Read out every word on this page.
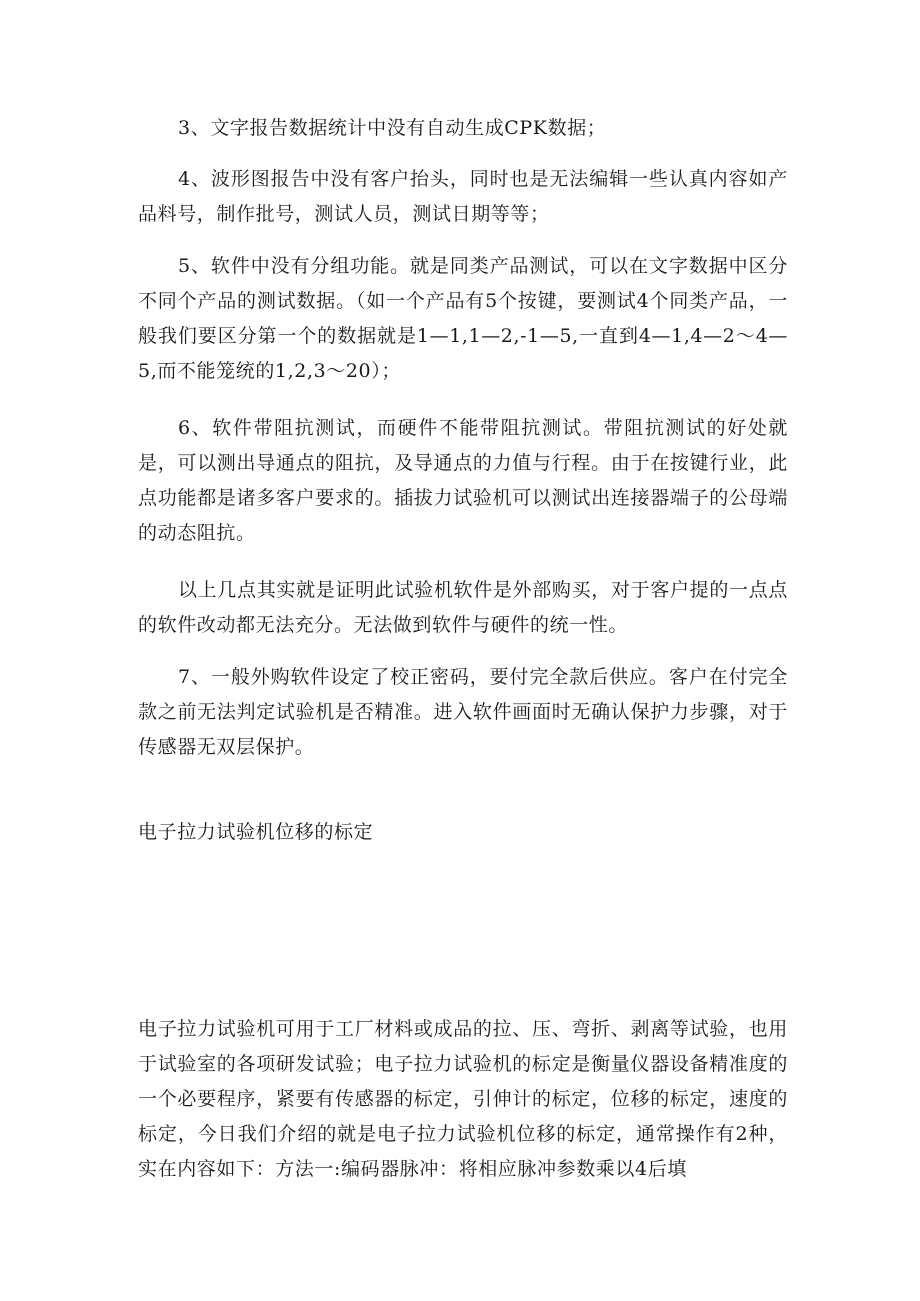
3、文字报告数据统计中没有自动生成CPK数据；

4、波形图报告中没有客户抬头，同时也是无法编辑一些认真内容如产品料号，制作批号，测试人员，测试日期等等；

5、软件中没有分组功能。就是同类产品测试，可以在文字数据中区分不同个产品的测试数据。（如一个产品有5个按键，要测试4个同类产品，一般我们要区分第一个的数据就是1—1,1—2,-1—5,一直到4—1,4—2～4—5,而不能笼统的1,2,3～20）；

6、软件带阻抗测试，而硬件不能带阻抗测试。带阻抗测试的好处就是，可以测出导通点的阻抗，及导通点的力值与行程。由于在按键行业，此点功能都是诸多客户要求的。插拔力试验机可以测试出连接器端子的公母端的动态阻抗。

以上几点其实就是证明此试验机软件是外部购买，对于客户提的一点点的软件改动都无法充分。无法做到软件与硬件的统一性。

7、一般外购软件设定了校正密码，要付完全款后供应。客户在付完全款之前无法判定试验机是否精准。进入软件画面时无确认保护力步骤，对于传感器无双层保护。

电子拉力试验机位移的标定

电子拉力试验机可用于工厂材料或成品的拉、压、弯折、剥离等试验，也用于试验室的各项研发试验；电子拉力试验机的标定是衡量仪器设备精准度的一个必要程序，紧要有传感器的标定，引伸计的标定，位移的标定，速度的标定，今日我们介绍的就是电子拉力试验机位移的标定，通常操作有2种，实在内容如下：方法一:编码器脉冲：将相应脉冲参数乘以4后填
